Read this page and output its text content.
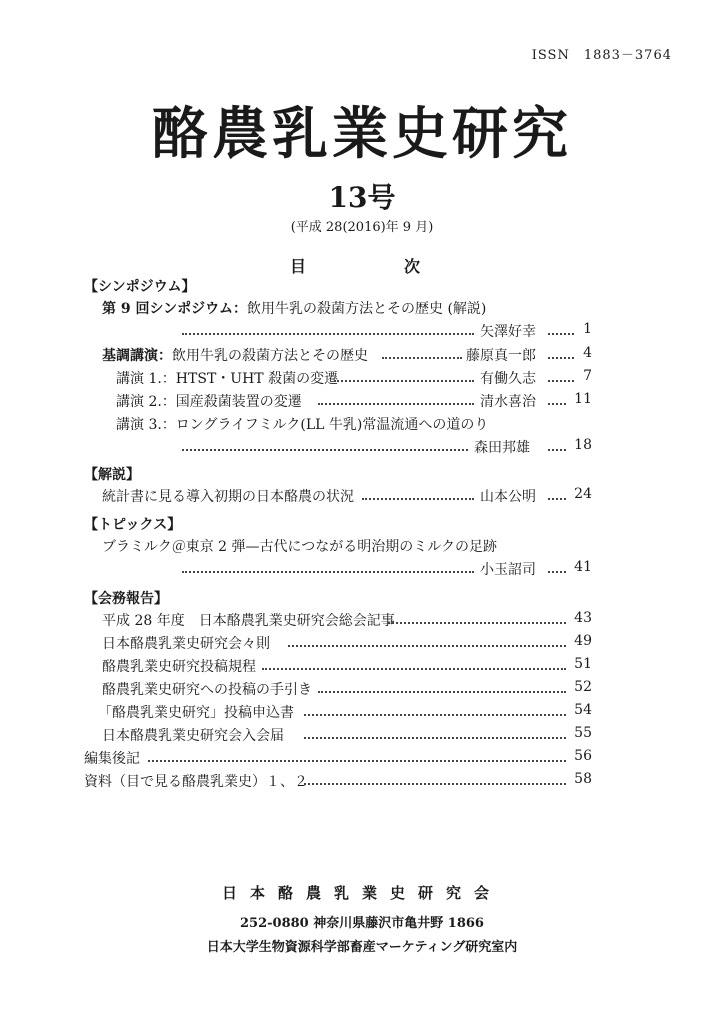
ISSN　1883－3764
酪農乳業史研究
13号
(平成 28(2016)年 9 月)
目	次
【シンポジウム】
第 9 回シンポジウム：飲用牛乳の殺菌方法とその歴史 (解説)
矢澤好幸	1
基調講演：飲用牛乳の殺菌方法とその歴史	藤原真一郎	4
講演 1.：HTST・UHT 殺菌の変遷	有働久志	7
講演 2.：国産殺菌装置の変遷	清水喜治	11
講演 3.：ロングライフミルク(LL 牛乳)常温流通への道のり
森田邦雄	18
【解説】
統計書に見る導入初期の日本酪農の状況	山本公明	24
【トピックス】
ブラミルク＠東京 2 弾—古代につながる明治期のミルクの足跡
小玉詔司	41
【会務報告】
平成 28 年度　日本酪農乳業史研究会総会記事	43
日本酪農乳業史研究会々則	49
酪農乳業史研究投稿規程	51
酪農乳業史研究への投稿の手引き	52
「酪農乳業史研究」投稿申込書	54
日本酪農乳業史研究会入会届	55
編集後記	56
資料（目で見る酪農乳業史）１、２	58
日本酪農乳業史研究会
252-0880 神奈川県藤沢市亀井野 1866
日本大学生物資源科学部畜産マーケティング研究室内
